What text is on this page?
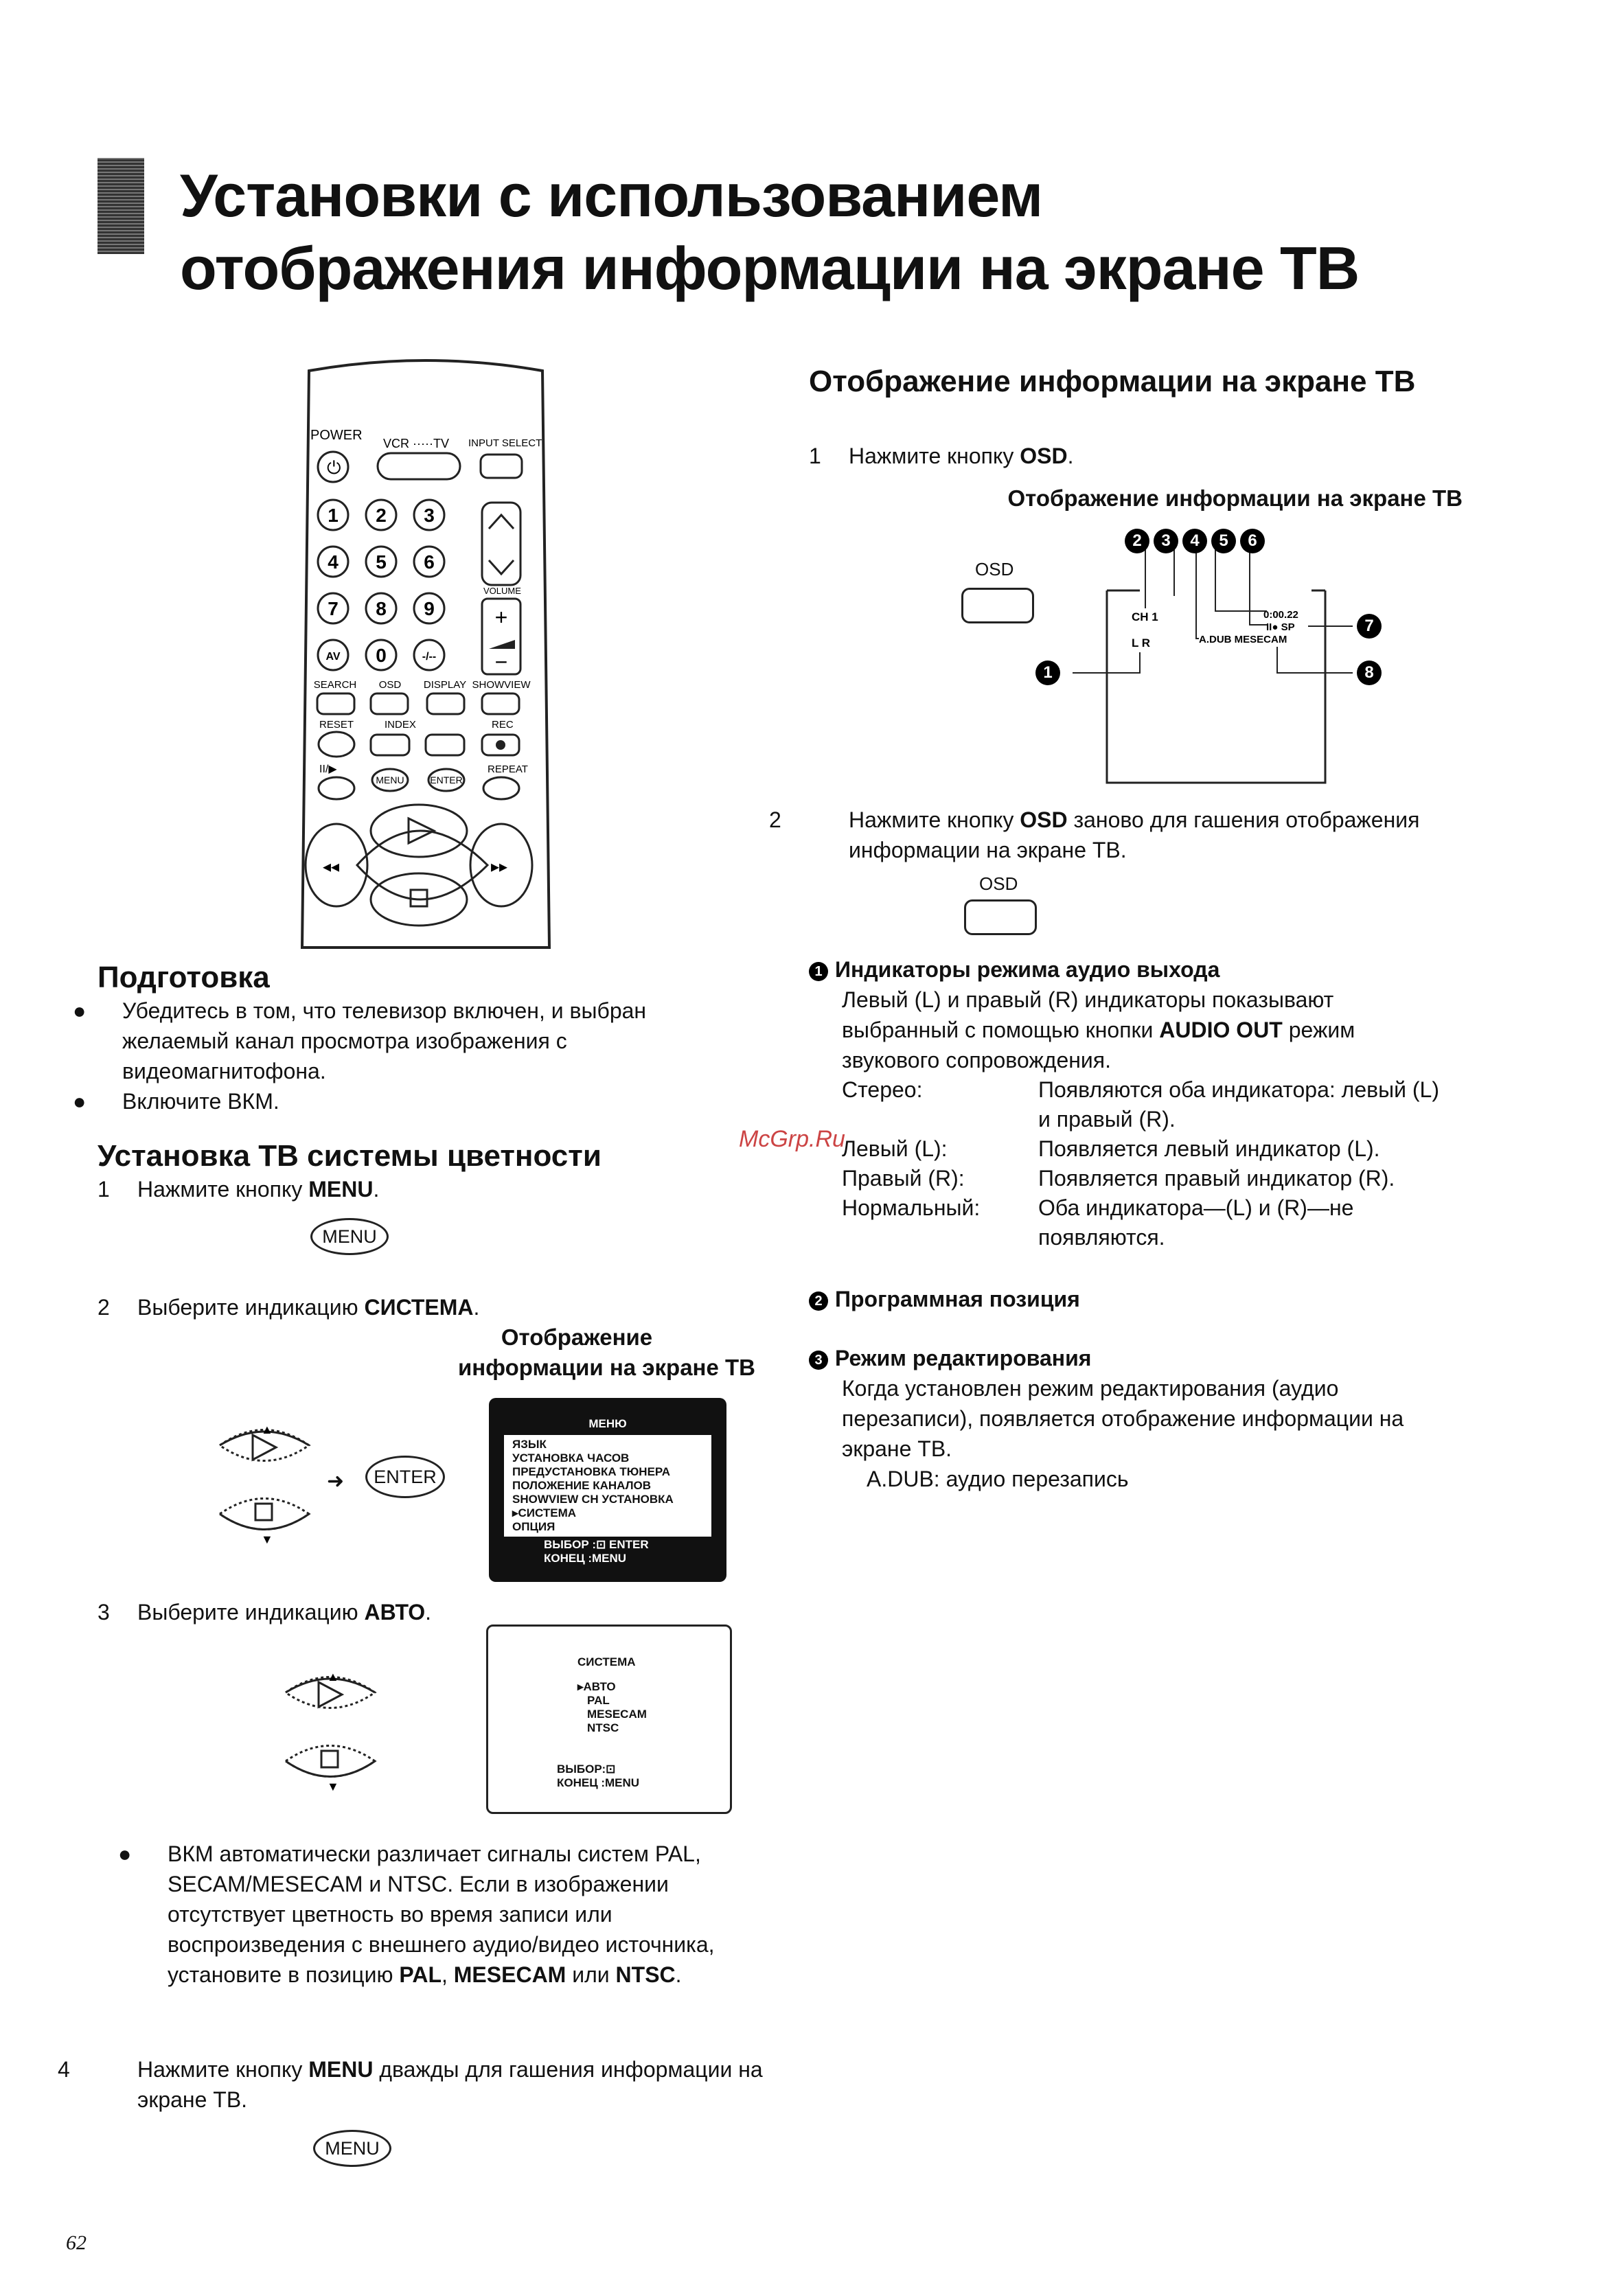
Установки с использованием
отображения информации на экране ТВ
POWER
VCR ·····TV INPUT SELECT
⏻
1 2 3
4 5 6
7 8 9
AV 0	-/--
VOLUME
+
−
SEARCH OSD DISPLAY SHOWVIEW
RESET	INDEX	REC
II/▶	REPEAT
MENU	ENTER
◂◂	▸▸

Подготовка

● Убедитесь в том, что телевизор включен, и выбран желаемый канал просмотра изображения с видеомагнитофона.

● Включите ВКМ.

Установка ТВ системы цветности

1 Нажмите кнопку MENU.

MENU

2 Выберите индикацию СИСТЕМА.

Отображение

информации на экране ТВ

▲
▼
➜	ENTER
МЕНЮ
ЯЗЫК
УСТАНОВКА ЧАСОВ
ПРЕДУСТАНОВКА ТЮНЕРА
ПОЛОЖЕНИЕ КАНАЛОВ
SHOWVIEW CH УСТАНОВКА
▸СИСТЕМА
ОПЦИЯ
ВЫБОР :⊡ ENTER
КОНЕЦ :MENU

3 Выберите индикацию АВТО.

▲
▼
СИСТЕМА
▸АВТО
PAL
MESECAM
NTSC
ВЫБОР:⊡
КОНЕЦ :MENU

● ВКМ автоматически различает сигналы систем PAL, SECAM/MESECAM и NTSC. Если в изображении отсутствует цветность во время записи или воспроизведения с внешнего аудио/видео источника, установите в позицию PAL, MESECAM или NTSC.

4	Нажмите кнопку MENU дважды для гашения информации на экране ТВ.

MENU
62

Отображение информации на экране ТВ

1 Нажмите кнопку OSD.

Отображение информации на экране ТВ

OSD
CH 1
L R
0:00.22
II● SP
A.DUB MESECAM
2 3 4 5 6
7
8
1

2	Нажмите кнопку OSD заново для гашения отображения информации на экране ТВ.

OSD

1 Индикаторы режима аудио выхода

Левый (L) и правый (R) индикаторы показывают выбранный с помощью кнопки AUDIO OUT режим звукового сопровождения.

Стерео:	Появляются оба индикатора: левый (L) и правый (R).
Левый (L):	Появляется левый индикатор (L).
Правый (R):	Появляется правый индикатор (R).
Нормальный:	Оба индикатора—(L) и (R)—не появляются.
McGrp.Ru

2 Программная позиция

3 Режим редактирования

Когда установлен режим редактирования (аудио перезаписи), появляется отображение информации на экране ТВ.

A.DUB: аудио перезапись
